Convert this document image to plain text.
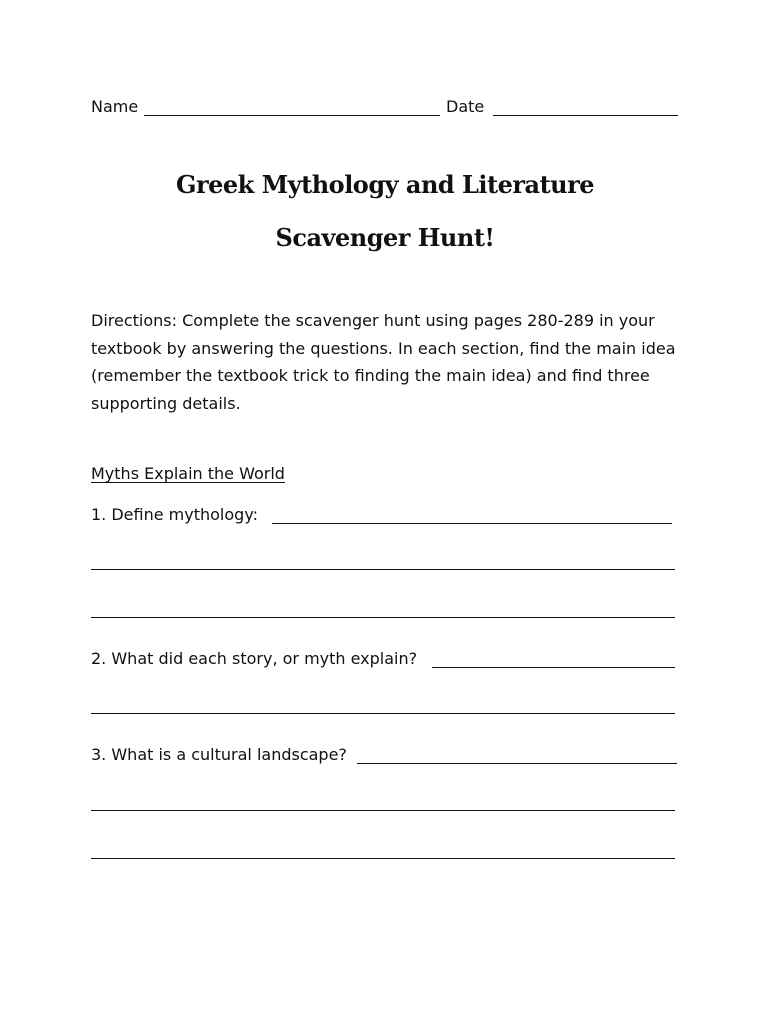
Name	Date
Greek Mythology and Literature
Scavenger Hunt!
Directions: Complete the scavenger hunt using pages 280-289 in your textbook by answering the questions. In each section, find the main idea (remember the textbook trick to finding the main idea) and find three supporting details.
Myths Explain the World
1. Define mythology:
2. What did each story, or myth explain?
3. What is a cultural landscape?
